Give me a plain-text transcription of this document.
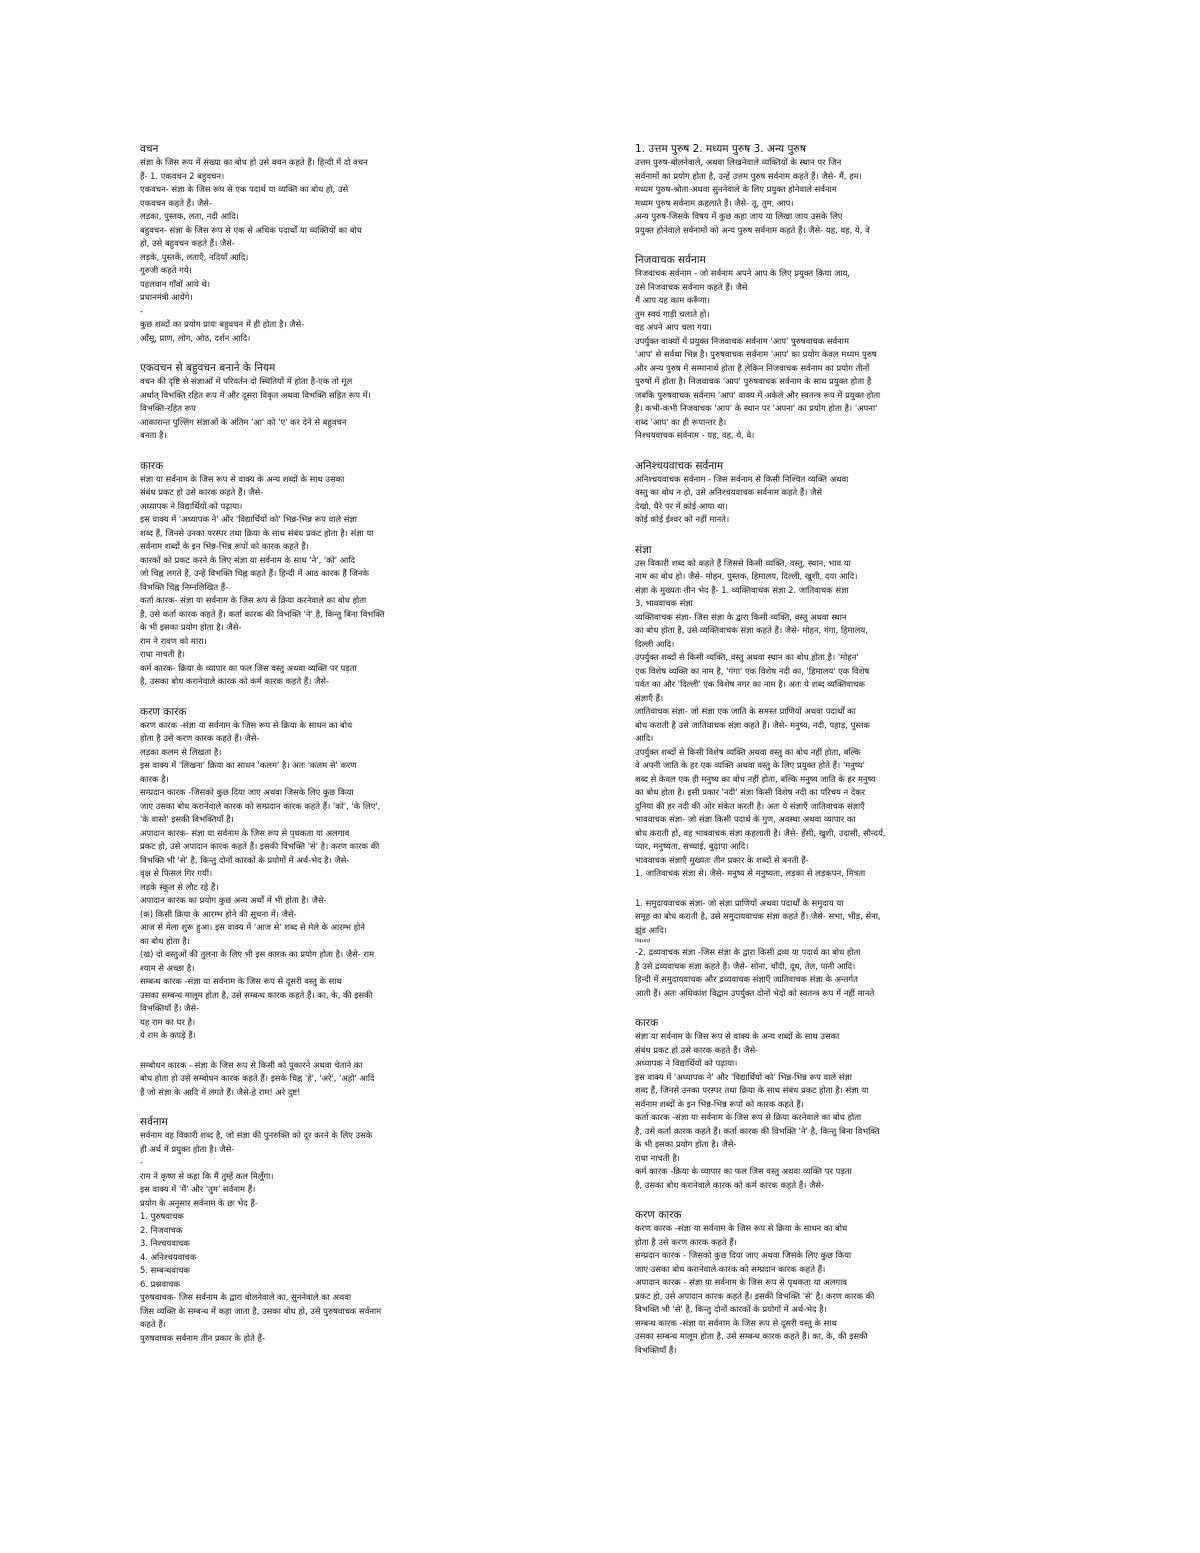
वचन

संज्ञा के जिस रूप में संख्या का बोध हो उसे वचन कहते हैं। हिन्दी में दो वचन

हैं- 1. एकवचन 2 बहुवचन।

एकवचन- संज्ञा के जिस रूप से एक पदार्थ या व्यक्ति का बोध हो, उसे

एकवचन कहते हैं। जैसे-

लड़का, पुस्तक, लता, नदी आदि।

बहुवचन- संज्ञा के जिस रूप से एक से अधिक पदार्थों या व्यक्तियों का बोध

हो, उसे बहुवचन कहते हैं। जैसे-

लड़के, पुस्तकें, लताएँ, नदियाँ आदि।

गुरुजी कहते गये।

पहलवान गाँवों आये थे।

प्रधानमंत्री आयेंगे।

-

कुछ शब्दों का प्रयोग प्रायः बहुवचन में ही होता है। जैसे-

आँसू, प्राण, लोग, ओठ, दर्शन आदि।

एकवचन से बहुवचन बनाने के नियम

वचन की दृष्टि से संज्ञाओं में परिवर्तन दो स्थितियों में होता है-एक तो मूल

अर्थात् विभक्ति रहित रूप में और दूसरा विकृत अथवा विभक्ति सहित रूप में।

विभक्ति-रहित रूप

आकारान्त पुल्लिंग संज्ञाओं के अंतिम 'आ' को 'ए' कर देने से बहुवचन

बनता है।

कारक

संज्ञा या सर्वनाम के जिस रूप से वाक्य के अन्य शब्दों के साथ उसका

संबंध प्रकट हो उसे कारक कहते हैं। जैसे-

अध्यापक ने विद्यार्थियों को पढ़ाया।

इस वाक्य में 'अध्यापक ने' और 'विद्यार्थियों को' भिन्न-भिन्न रूप वाले संज्ञा

शब्द हैं, जिनसे उनका परस्पर तथा क्रिया के साथ संबंध प्रकट होता है। संज्ञा या

सर्वनाम शब्दों के इन भिन्न-भिन्न रूपों को कारक कहते हैं।

कारकों को प्रकट करने के लिए संज्ञा या सर्वनाम के साथ 'ने', 'को' आदि

जो चिह्न लगते हैं, उन्हें विभक्ति चिह्न कहते हैं। हिन्दी में आठ कारक हैं जिनके

विभक्ति चिह्न निम्नलिखित हैं-

कर्ता कारक- संज्ञा या सर्वनाम के जिस रूप से क्रिया करनेवाले का बोध होता

है, उसे कर्ता कारक कहते हैं। कर्ता कारक की विभक्ति 'ने' है, किन्तु बिना विभक्ति

के भी इसका प्रयोग होता है। जैसे-

राम ने रावण को मारा।

राधा नाचती है।

कर्म कारक- क्रिया के व्यापार का फल जिस वस्तु अथवा व्यक्ति पर पड़ता

है, उसका बोध करानेवाले कारक को कर्म कारक कहते हैं। जैसे-

करण कारक

करण कारक -संज्ञा या सर्वनाम के जिस रूप से क्रिया के साधन का बोध

होता है उसे करण कारक कहते हैं। जैसे-

लड़का कलम से लिखता है।

इस वाक्य में 'लिखना' क्रिया का साधन 'कलम' है। अतः 'कलम से' करण

कारक है।

सम्प्रदान कारक -जिसको कुछ दिया जाए अथवा जिसके लिए कुछ किया

जाए उसका बोध करानेवाले कारक को सम्प्रदान कारक कहते हैं। 'को', 'के लिए',

'के वास्ते' इसकी विभक्तियाँ हैं।

अपादान कारक- संज्ञा या सर्वनाम के जिस रूप से पृथकता या अलगाव

प्रकट हो, उसे अपादान कारक कहते हैं। इसकी विभक्ति 'से' है। करण कारक की

विभक्ति भी 'से' है, किन्तु दोनों कारकों के प्रयोगों में अर्थ-भेद है। जैसे-

वृक्ष से फिसल गिर गयीं।

लड़के स्कूल से लौट रहे हैं।

अपादान कारक का प्रयोग कुछ अन्य अर्थों में भी होता है। जैसे-

(क) किसी क्रिया के आरम्भ होने की सूचना में। जैसे-

आज से मेला शुरू हुआ। इस वाक्य में 'आज से' शब्द से मेले के आरम्भ होने

का बोध होता है।

(ख) दो वस्तुओं की तुलना के लिए भी इस कारक का प्रयोग होता है। जैसे- राम

श्याम से अच्छा है।

सम्बन्ध कारक -संज्ञा या सर्वनाम के जिस रूप से दूसरी वस्तु के साथ

उसका सम्बन्ध मालूम होता है, उसे सम्बन्ध कारक कहते हैं। का, के, की इसकी

विभक्तियाँ हैं। जैसे-

यह राम का घर है।

ये राम के कपड़े हैं।

सम्बोधन कारक - संज्ञा के जिस रूप से किसी को पुकारने अथवा चेताने का

बोध होता हो उसे सम्बोधन कारक कहते हैं। इसके चिह्न 'हे', 'अरे', 'अहो' आदि

हैं जो संज्ञा के आदि में लगते हैं। जैसे-हे राम! अरे दुष्ट!

सर्वनाम

सर्वनाम वह विकारी शब्द है, जो संज्ञा की पुनरुक्ति को दूर करने के लिए उसके

ही अर्थ में प्रयुक्त होता है। जैसे-

-

राम ने कृष्ण से कहा कि मैं तुम्हें कल मिलूँगा।

इस वाक्य में 'मैं' और 'तुम' सर्वनाम हैं।

प्रयोग के अनुसार सर्वनाम के छः भेद हैं-

1. पुरुषवाचक

2. निजवाचक

3. निश्चयवाचक

4. अनिश्चयवाचक

5. सम्बन्धवाचक

6. प्रश्नवाचक

पुरुषवाचक- जिस सर्वनाम के द्वारा बोलनेवाले का, सुननेवाले का अथवा

जिस व्यक्ति के सम्बन्ध में कहा जाता है, उसका बोध हो, उसे पुरुषवाचक सर्वनाम

कहते हैं।

पुरुषवाचक सर्वनाम तीन प्रकार के होते हैं-

1. उत्तम पुरुष 2. मध्यम पुरुष 3. अन्य पुरुष

उत्तम पुरुष-बोलनेवाले, अथवा लिखनेवाले व्यक्तियों के स्थान पर जिन

सर्वनामों का प्रयोग होता है, उन्हें उत्तम पुरुष सर्वनाम कहते हैं। जैसे- मैं, हम।

मध्यम पुरुष-श्रोता अथवा सुननेवाले के लिए प्रयुक्त होनेवाले सर्वनाम

मध्यम पुरुष सर्वनाम कहलाते हैं। जैसे- तू, तुम, आप।

अन्य पुरुष-जिसके विषय में कुछ कहा जाय या लिखा जाय उसके लिए

प्रयुक्त होनेवाले सर्वनामों को अन्य पुरुष सर्वनाम कहते हैं। जैसे- यह, वह, ये, वे

निजवाचक सर्वनाम

निजवाचक सर्वनाम - जो सर्वनाम अपने आप के लिए प्रयुक्त किया जाय,

उसे निजवाचक सर्वनाम कहते हैं। जैसे

मैं आप यह काम करूँगा।

तुम स्वयं गाड़ी चलाते हो।

वह अपने आप चला गया।

उपर्युक्त वाक्यों में प्रयुक्त निजवाचक सर्वनाम 'आप' पुरुषवाचक सर्वनाम

'आप' से सर्वथा भिन्न है। पुरुषवाचक सर्वनाम 'आप' का प्रयोग केवल मध्यम पुरुष

और अन्य पुरुष में सम्मानार्थ होता है लेकिन निजवाचक सर्वनाम का प्रयोग तीनों

पुरुषों में होता है। निजवाचक 'आप' पुरुषवाचक सर्वनाम के साथ प्रयुक्त होता है

जबकि पुरुषवाचक सर्वनाम 'आप' वाक्य में अकेले और स्वतन्त्र रूप में प्रयुक्त होता

है। कभी-कभी निजवाचक 'आप' के स्थान पर 'अपना' का प्रयोग होता है। 'अपना'

शब्द 'आप' का ही रूपान्तर है।

निश्चयवाचक सर्वनाम - यह, वह, ये, वे।

अनिश्चयवाचक सर्वनाम

अनिश्चयवाचक सर्वनाम - जिस सर्वनाम से किसी निश्चित व्यक्ति अथवा

वस्तु का बोध न हो, उसे अनिश्चयवाचक सर्वनाम कहते हैं। जैसे

देखो, घैरे पर में कोई आया था।

कोई कोई ईश्वर को नहीं मानते।

संज्ञा

उस विकारी शब्द को कहते हैं जिससे किसी व्यक्ति, वस्तु, स्थान, भाव या

नाम का बोध हो। जैसे- मोहन, पुस्तक, हिमालय, दिल्ली, खुशी, दया आदि।

संज्ञा के मुख्यतः तीन भेद हैं- 1. व्यक्तिवाचक संज्ञा 2. जातिवाचक संज्ञा

3. भाववाचक संज्ञा

व्यक्तिवाचक संज्ञा- जिस संज्ञा के द्वारा किसी व्यक्ति, वस्तु अथवा स्थान

का बोध होता है, उसे व्यक्तिवाचक संज्ञा कहते हैं। जैसे- मोहन, गंगा, हिमालय,

दिल्ली आदि।

उपर्युक्त शब्दों से किसी व्यक्ति, वस्तु अथवा स्थान का बोध होता है। 'मोहन'

एक विशेष व्यक्ति का नाम है, 'गंगा' एक विशेष नदी का, 'हिमालय' एक विशेष

पर्वत का और 'दिल्ली' एक विशेष नगर का नाम है। अतः ये शब्द व्यक्तिवाचक

संज्ञाएँ हैं।

जातिवाचक संज्ञा- जो संज्ञा एक जाति के समस्त प्राणियों अथवा पदार्थों का

बोध कराती है उसे जातिवाचक संज्ञा कहते हैं। जैसे- मनुष्य, नदी, पहाड़, पुस्तक

आदि।

उपर्युक्त शब्दों से किसी विशेष व्यक्ति अथवा वस्तु का बोध नहीं होता, बल्कि

वे अपनी जाति के हर एक व्यक्ति अथवा वस्तु के लिए प्रयुक्त होते हैं। 'मनुष्य'

शब्द से केवल एक ही मनुष्य का बोध नहीं होता, बल्कि मनुष्य जाति के हर मनुष्य

का बोध होता है। इसी प्रकार 'नदी' संज्ञा किसी विशेष नदी का परिचय न देकर

दुनिया की हर नदी की ओर संकेत करती है। अतः ये संज्ञाएँ जातिवाचक संज्ञाएँ

भाववाचक संज्ञा- जो संज्ञा किसी पदार्थ के गुण, अवस्था अथवा व्यापार का

बोध कराती हो, वह भाववाचक संज्ञा कहलाती है। जैसे- हँसी, खुशी, उदासी, सौन्दर्य,

प्यार, मनुष्यता, सच्चाई, बुढ़ापा आदि।

भाववाचक संज्ञाएँ मुख्यतः तीन प्रकार के शब्दों से बनती हैं-

1. जातिवाचक संज्ञा से। जैसे- मनुष्य से मनुष्यता, लड़का से लड़कपन, मित्रता

1. समुदायवाचक संज्ञा- जो संज्ञा प्राणियों अथवा पदार्थों के समुदाय या

समूह का बोध कराती है, उसे समुदायवाचक संज्ञा कहते हैं। जैसे- सभा, भीड़, सेना,

झुंड आदि।

liquid

-2. द्रव्यवाचक संज्ञा -जिस संज्ञा के द्वारा किसी द्रव्य या पदार्थ का बोध होता

है उसे द्रव्यवाचक संज्ञा कहते हैं। जैसे- सोना, चाँदी, दूध, तेल, पानी आदि।

हिन्दी में समुदायवाचक और द्रव्यवाचक संज्ञाएँ जातिवाचक संज्ञा के अन्तर्गत

आती हैं। अतः अधिकांश विद्वान उपर्युक्त दोनों भेदों को स्वतन्त्र रूप में नहीं मानते

कारक

संज्ञा या सर्वनाम के जिस रूप से वाक्य के अन्य शब्दों के साथ उसका

संबंध प्रकट हो उसे कारक कहते हैं। जैसे-

अध्यापक ने विद्यार्थियों को पढ़ाया।

इस वाक्य में 'अध्यापक ने' और 'विद्यार्थियों को' भिन्न-भिन्न रूप वाले संज्ञा

शब्द हैं, जिनसे उनका परस्पर तथा क्रिया के साथ संबंध प्रकट होता है। संज्ञा या

सर्वनाम शब्दों के इन भिन्न-भिन्न रूपों को कारक कहते हैं।

कर्ता कारक -संज्ञा या सर्वनाम के जिस रूप से क्रिया करनेवाले का बोध होता

है, उसे कर्ता कारक कहते हैं। कर्ता कारक की विभक्ति 'ने' है, किन्तु बिना विभक्ति

के भी इसका प्रयोग होता है। जैसे-

राधा नाचती है।

कर्म कारक -क्रिया के व्यापार का फल जिस वस्तु अथवा व्यक्ति पर पड़ता

है, उसका बोध करानेवाले कारक को कर्म कारक कहते हैं। जैसे-

करण कारक

करण कारक -संज्ञा या सर्वनाम के जिस रूप से क्रिया के साधन का बोध

होता है उसे करण कारक कहते हैं।

सम्प्रदान कारक - जिसको कुछ दिया जाए अथवा जिसके लिए कुछ किया

जाए उसका बोध करानेवाले कारक को सम्प्रदान कारक कहते हैं।

अपादान कारक - संज्ञा या सर्वनाम के जिस रूप से पृथकता या अलगाव

प्रकट हो, उसे अपादान कारक कहते हैं। इसकी विभक्ति 'से' है। करण कारक की

विभक्ति भी 'से' है, किन्तु दोनों कारकों के प्रयोगों में अर्थ-भेद है।

सम्बन्ध कारक -संज्ञा या सर्वनाम के जिस रूप से दूसरी वस्तु के साथ

उसका सम्बन्ध मालूम होता है, उसे सम्बन्ध कारक कहते हैं। का, के, की इसकी

विभक्तियाँ हैं।
